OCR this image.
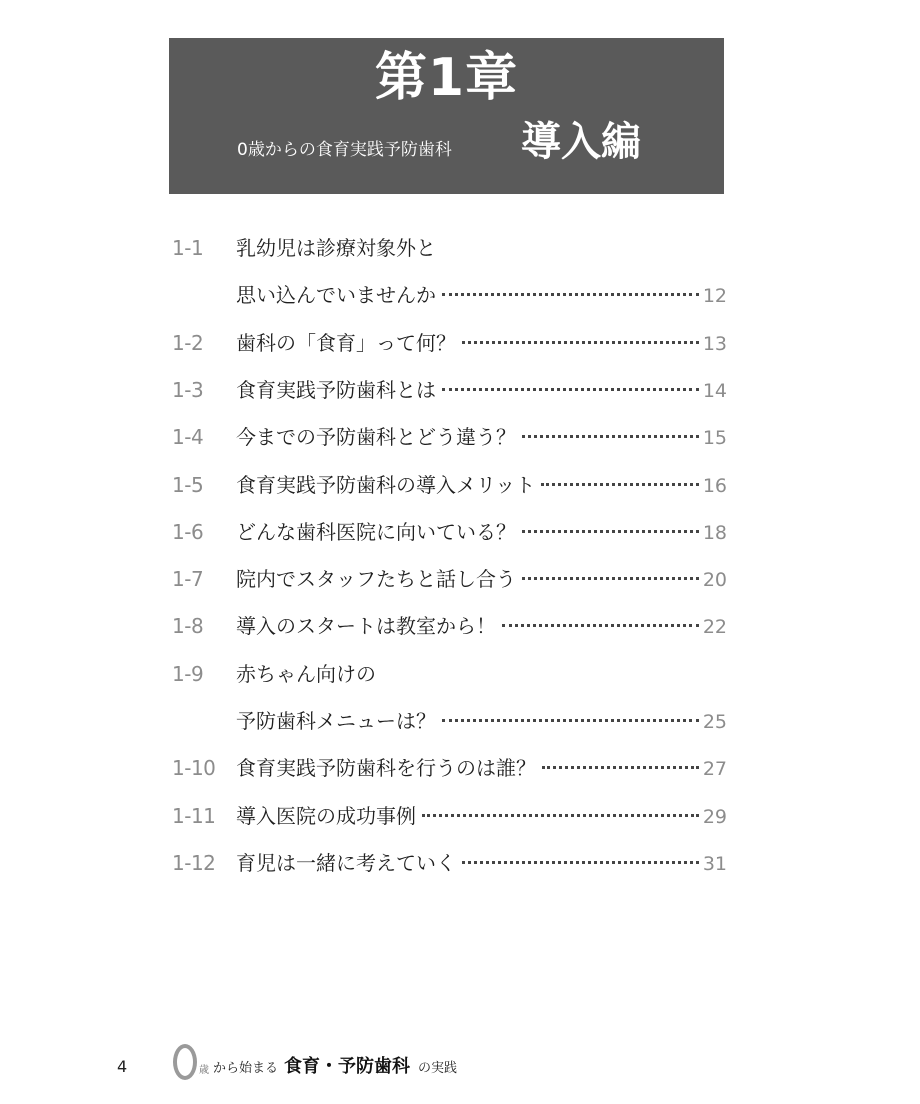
第1章
0歳からの食育実践予防歯科 導入編
1-1 乳幼児は診療対象外と
思い込んでいませんか	12
1-2 歯科の「食育」って何？	13
1-3 食育実践予防歯科とは	14
1-4 今までの予防歯科とどう違う？	15
1-5 食育実践予防歯科の導入メリット	16
1-6 どんな歯科医院に向いている？	18
1-7 院内でスタッフたちと話し合う	20
1-8 導入のスタートは教室から！	22
1-9 赤ちゃん向けの
予防歯科メニューは？	25
1-10 食育実践予防歯科を行うのは誰？	27
1-11 導入医院の成功事例	29
1-12 育児は一緒に考えていく	31
4	歳 から始まる 食育・予防歯科 の実践
